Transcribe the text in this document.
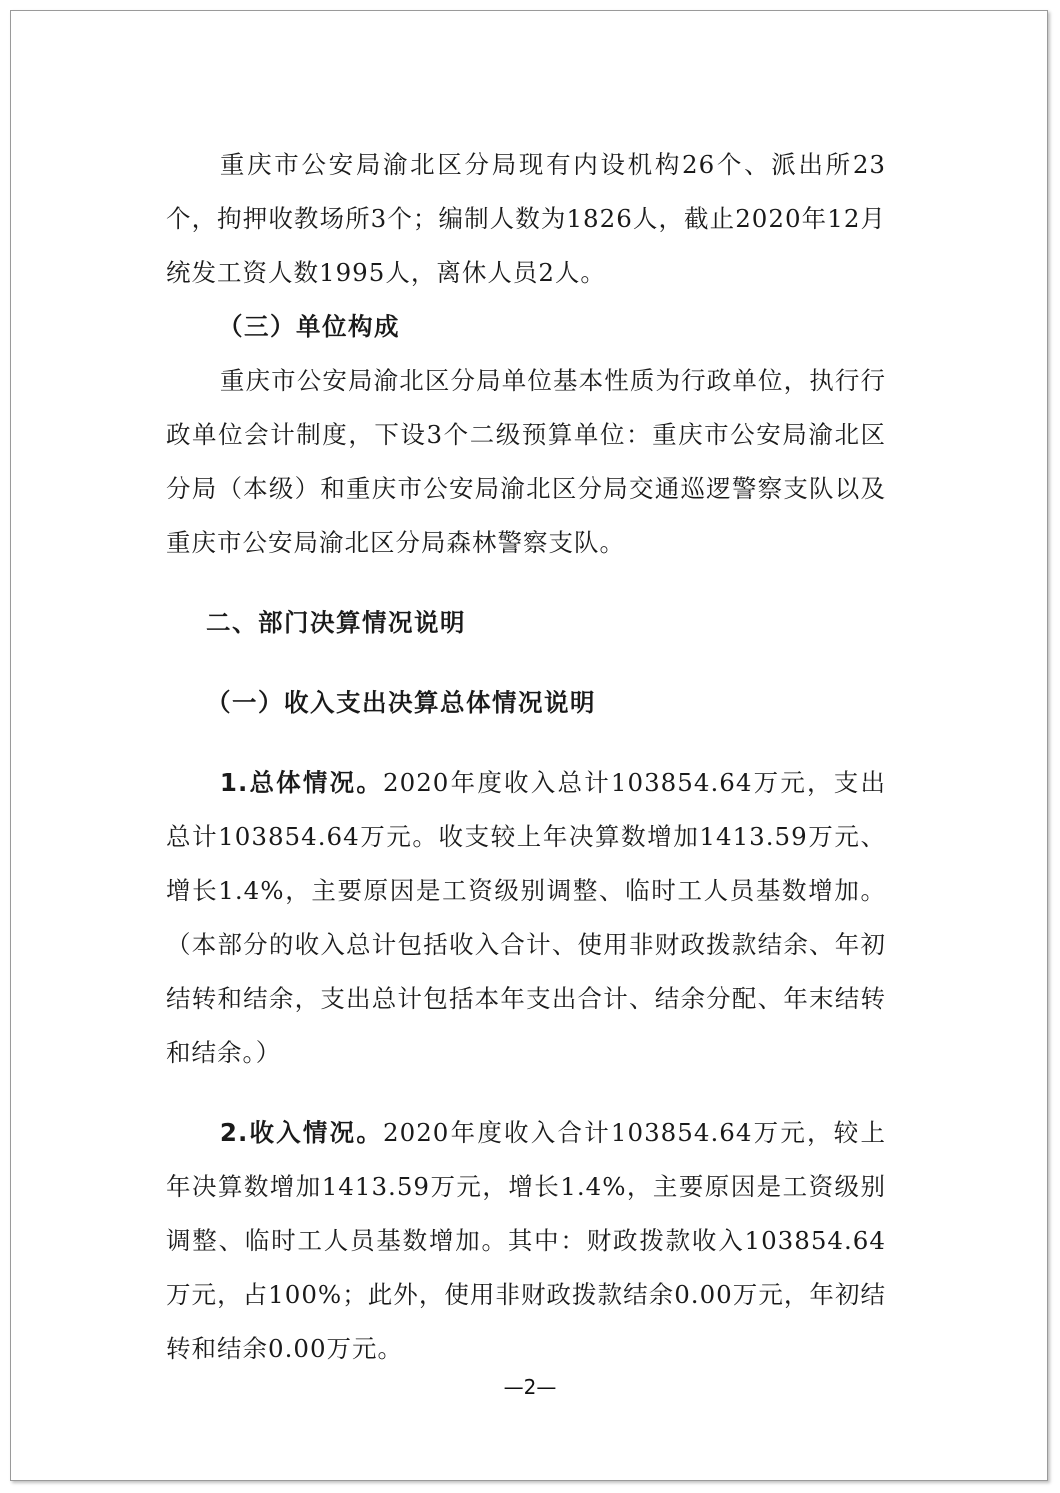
重庆市公安局渝北区分局现有内设机构26个、派出所23个，拘押收教场所3个；编制人数为1826人，截止2020年12月统发工资人数1995人，离休人员2人。

（三）单位构成

重庆市公安局渝北区分局单位基本性质为行政单位，执行行政单位会计制度，下设3个二级预算单位：重庆市公安局渝北区分局（本级）和重庆市公安局渝北区分局交通巡逻警察支队以及重庆市公安局渝北区分局森林警察支队。

二、部门决算情况说明

（一）收入支出决算总体情况说明

1.总体情况。2020年度收入总计103854.64万元，支出总计103854.64万元。收支较上年决算数增加1413.59万元、增长1.4%，主要原因是工资级别调整、临时工人员基数增加。（本部分的收入总计包括收入合计、使用非财政拨款结余、年初结转和结余，支出总计包括本年支出合计、结余分配、年末结转和结余。）

2.收入情况。2020年度收入合计103854.64万元，较上年决算数增加1413.59万元，增长1.4%，主要原因是工资级别调整、临时工人员基数增加。其中：财政拨款收入103854.64万元，占100%；此外，使用非财政拨款结余0.00万元，年初结转和结余0.00万元。

—2—
